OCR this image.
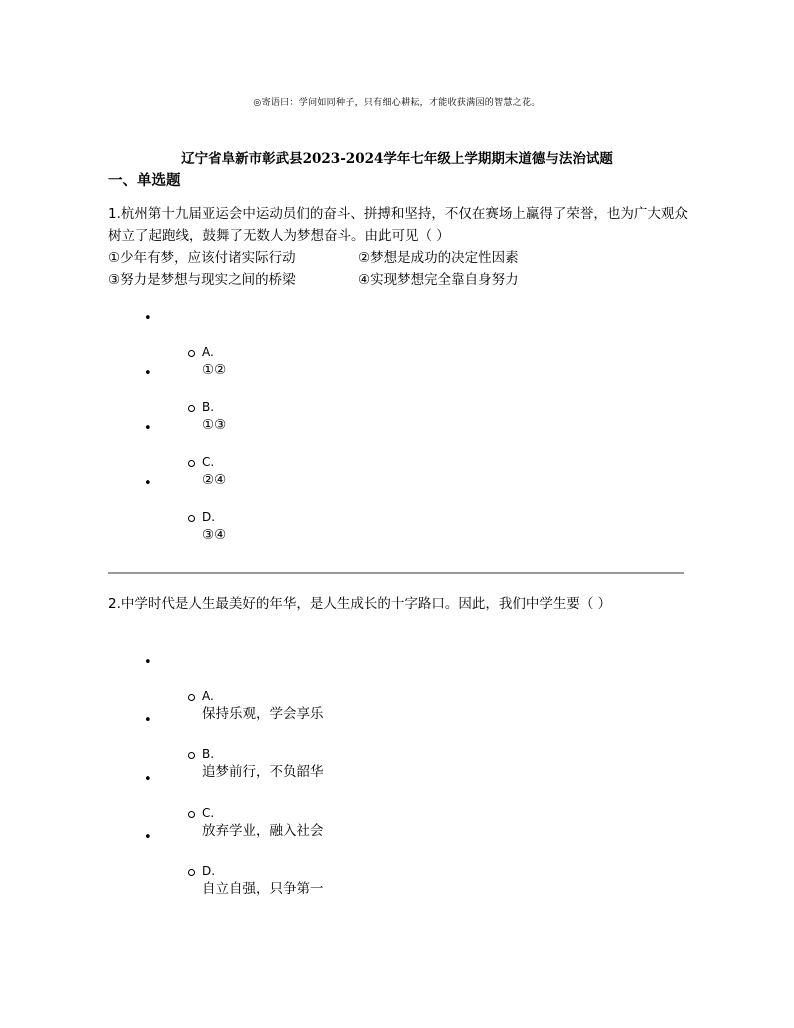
◎寄语曰：学问如同种子，只有细心耕耘，才能收获满园的智慧之花。
辽宁省阜新市彰武县2023-2024学年七年级上学期期末道德与法治试题
一、单选题

1.杭州第十九届亚运会中运动员们的奋斗、拼搏和坚持，不仅在赛场上赢得了荣誉，也为广大观众树立了起跑线，鼓舞了无数人为梦想奋斗。由此可见（ ）

①少年有梦，应该付诸实际行动	②梦想是成功的决定性因素
③努力是梦想与现实之间的桥梁	④实现梦想完全靠自身努力
•
A.
①②
•
B.
①③
•
C.
②④
•
D.
③④

2.中学时代是人生最美好的年华，是人生成长的十字路口。因此，我们中学生要（ ）

•
A.
保持乐观，学会享乐
•
B.
追梦前行，不负韶华
•
C.
放弃学业，融入社会
•
D.
自立自强，只争第一
